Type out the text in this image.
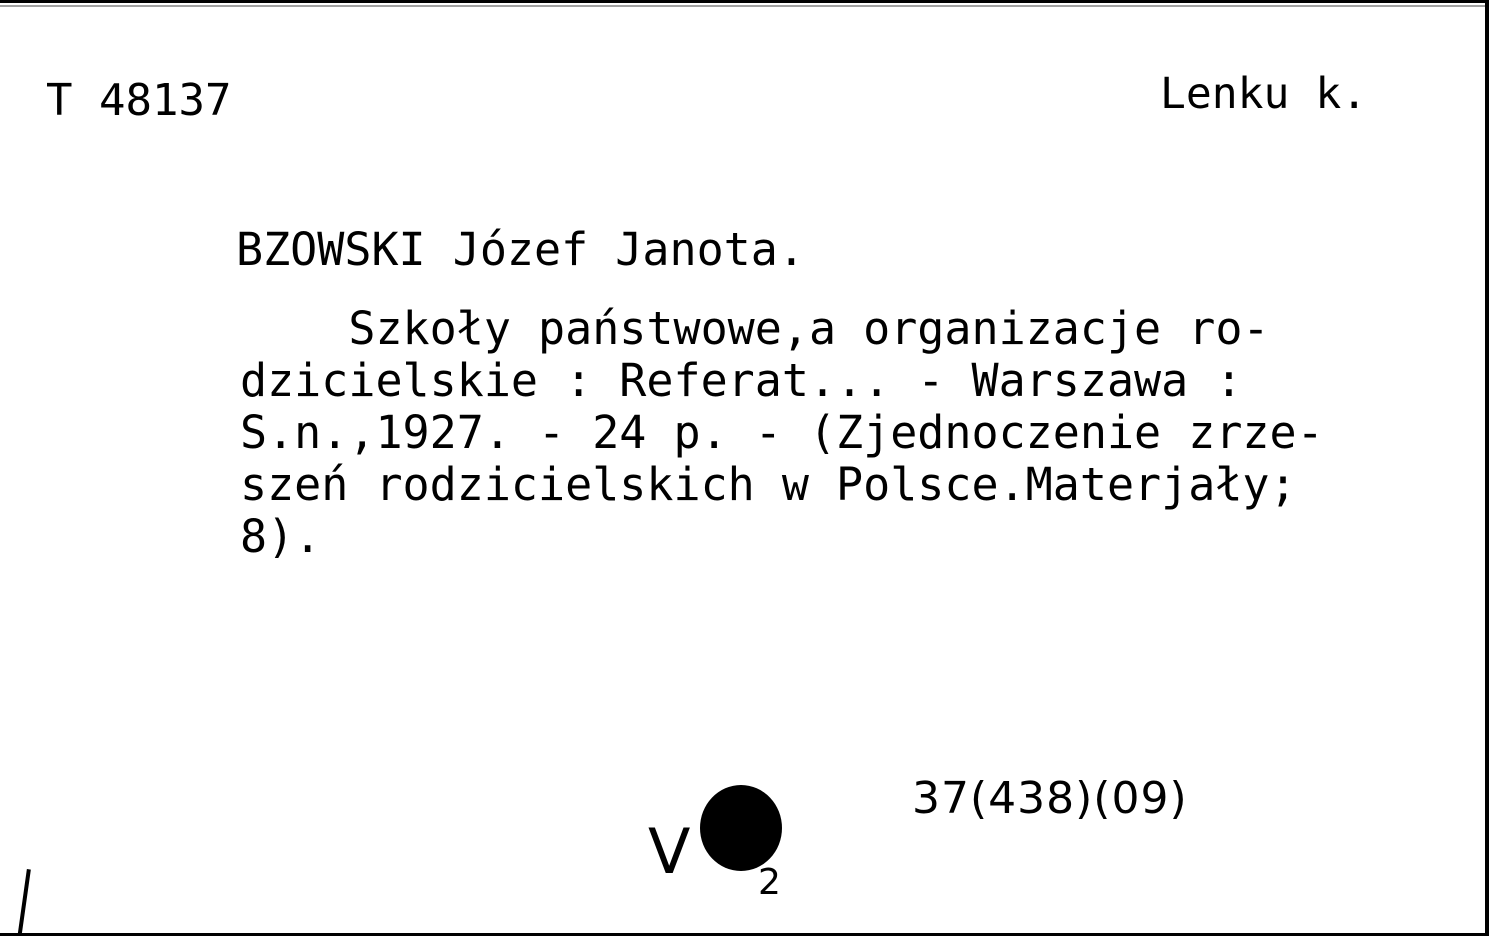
T 48137	Lenku k.
BZOWSKI Józef Janota.
Szkoły państwowe,a organizacje ro-
dzicielskie : Referat... - Warszawa :
S.n.,1927. - 24 p. - (Zjednoczenie zrze-
szeń rodzicielskich w Polsce.Materjały;
8).
V 2
37(438)(09)
